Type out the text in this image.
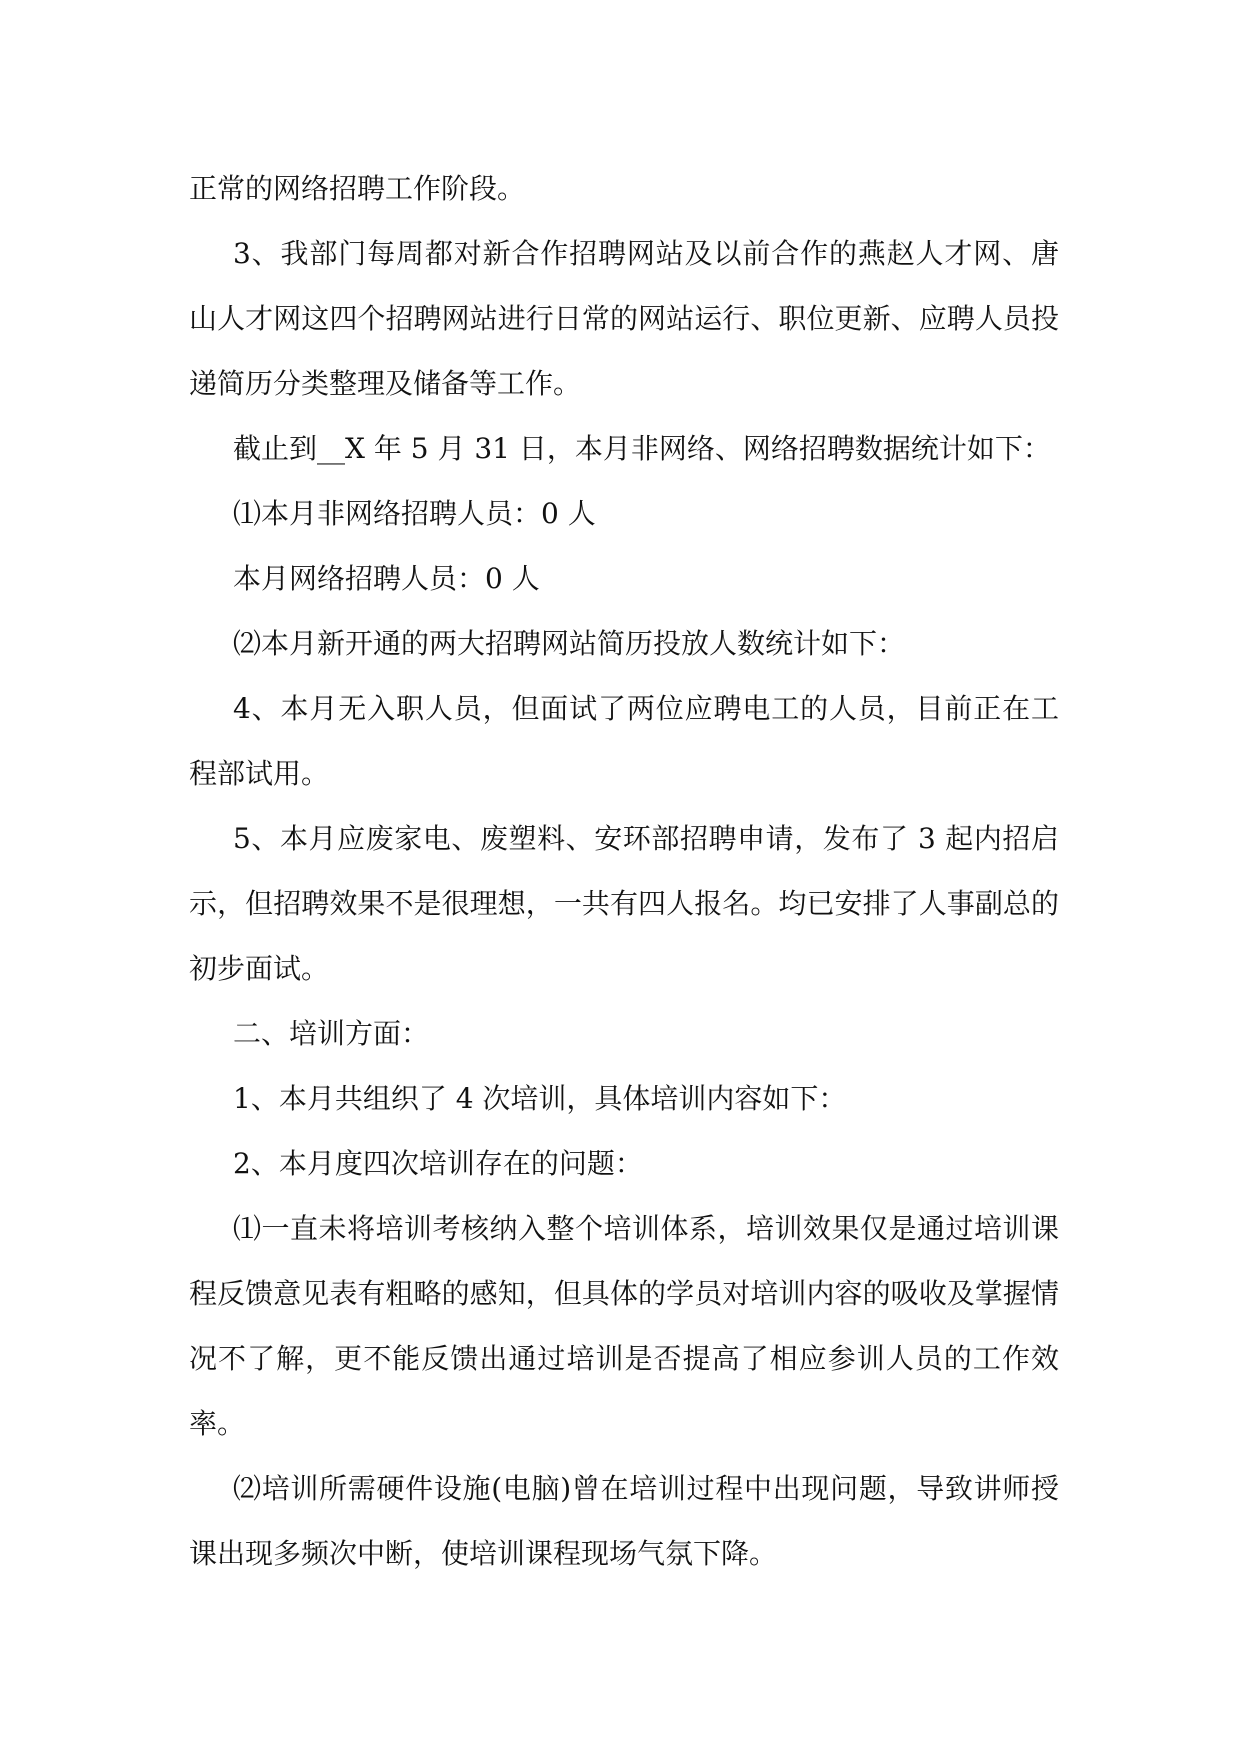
正常的网络招聘工作阶段。

3、我部门每周都对新合作招聘网站及以前合作的燕赵人才网、唐山人才网这四个招聘网站进行日常的网站运行、职位更新、应聘人员投递简历分类整理及储备等工作。

截止到__X 年 5 月 31 日，本月非网络、网络招聘数据统计如下：

⑴本月非网络招聘人员：0 人

本月网络招聘人员：0 人

⑵本月新开通的两大招聘网站简历投放人数统计如下：

4、本月无入职人员，但面试了两位应聘电工的人员，目前正在工程部试用。

5、本月应废家电、废塑料、安环部招聘申请，发布了 3 起内招启示，但招聘效果不是很理想，一共有四人报名。均已安排了人事副总的初步面试。

二、培训方面：

1、本月共组织了 4 次培训，具体培训内容如下：

2、本月度四次培训存在的问题：

⑴一直未将培训考核纳入整个培训体系，培训效果仅是通过培训课程反馈意见表有粗略的感知，但具体的学员对培训内容的吸收及掌握情况不了解，更不能反馈出通过培训是否提高了相应参训人员的工作效率。

⑵培训所需硬件设施(电脑)曾在培训过程中出现问题，导致讲师授课出现多频次中断，使培训课程现场气氛下降。
